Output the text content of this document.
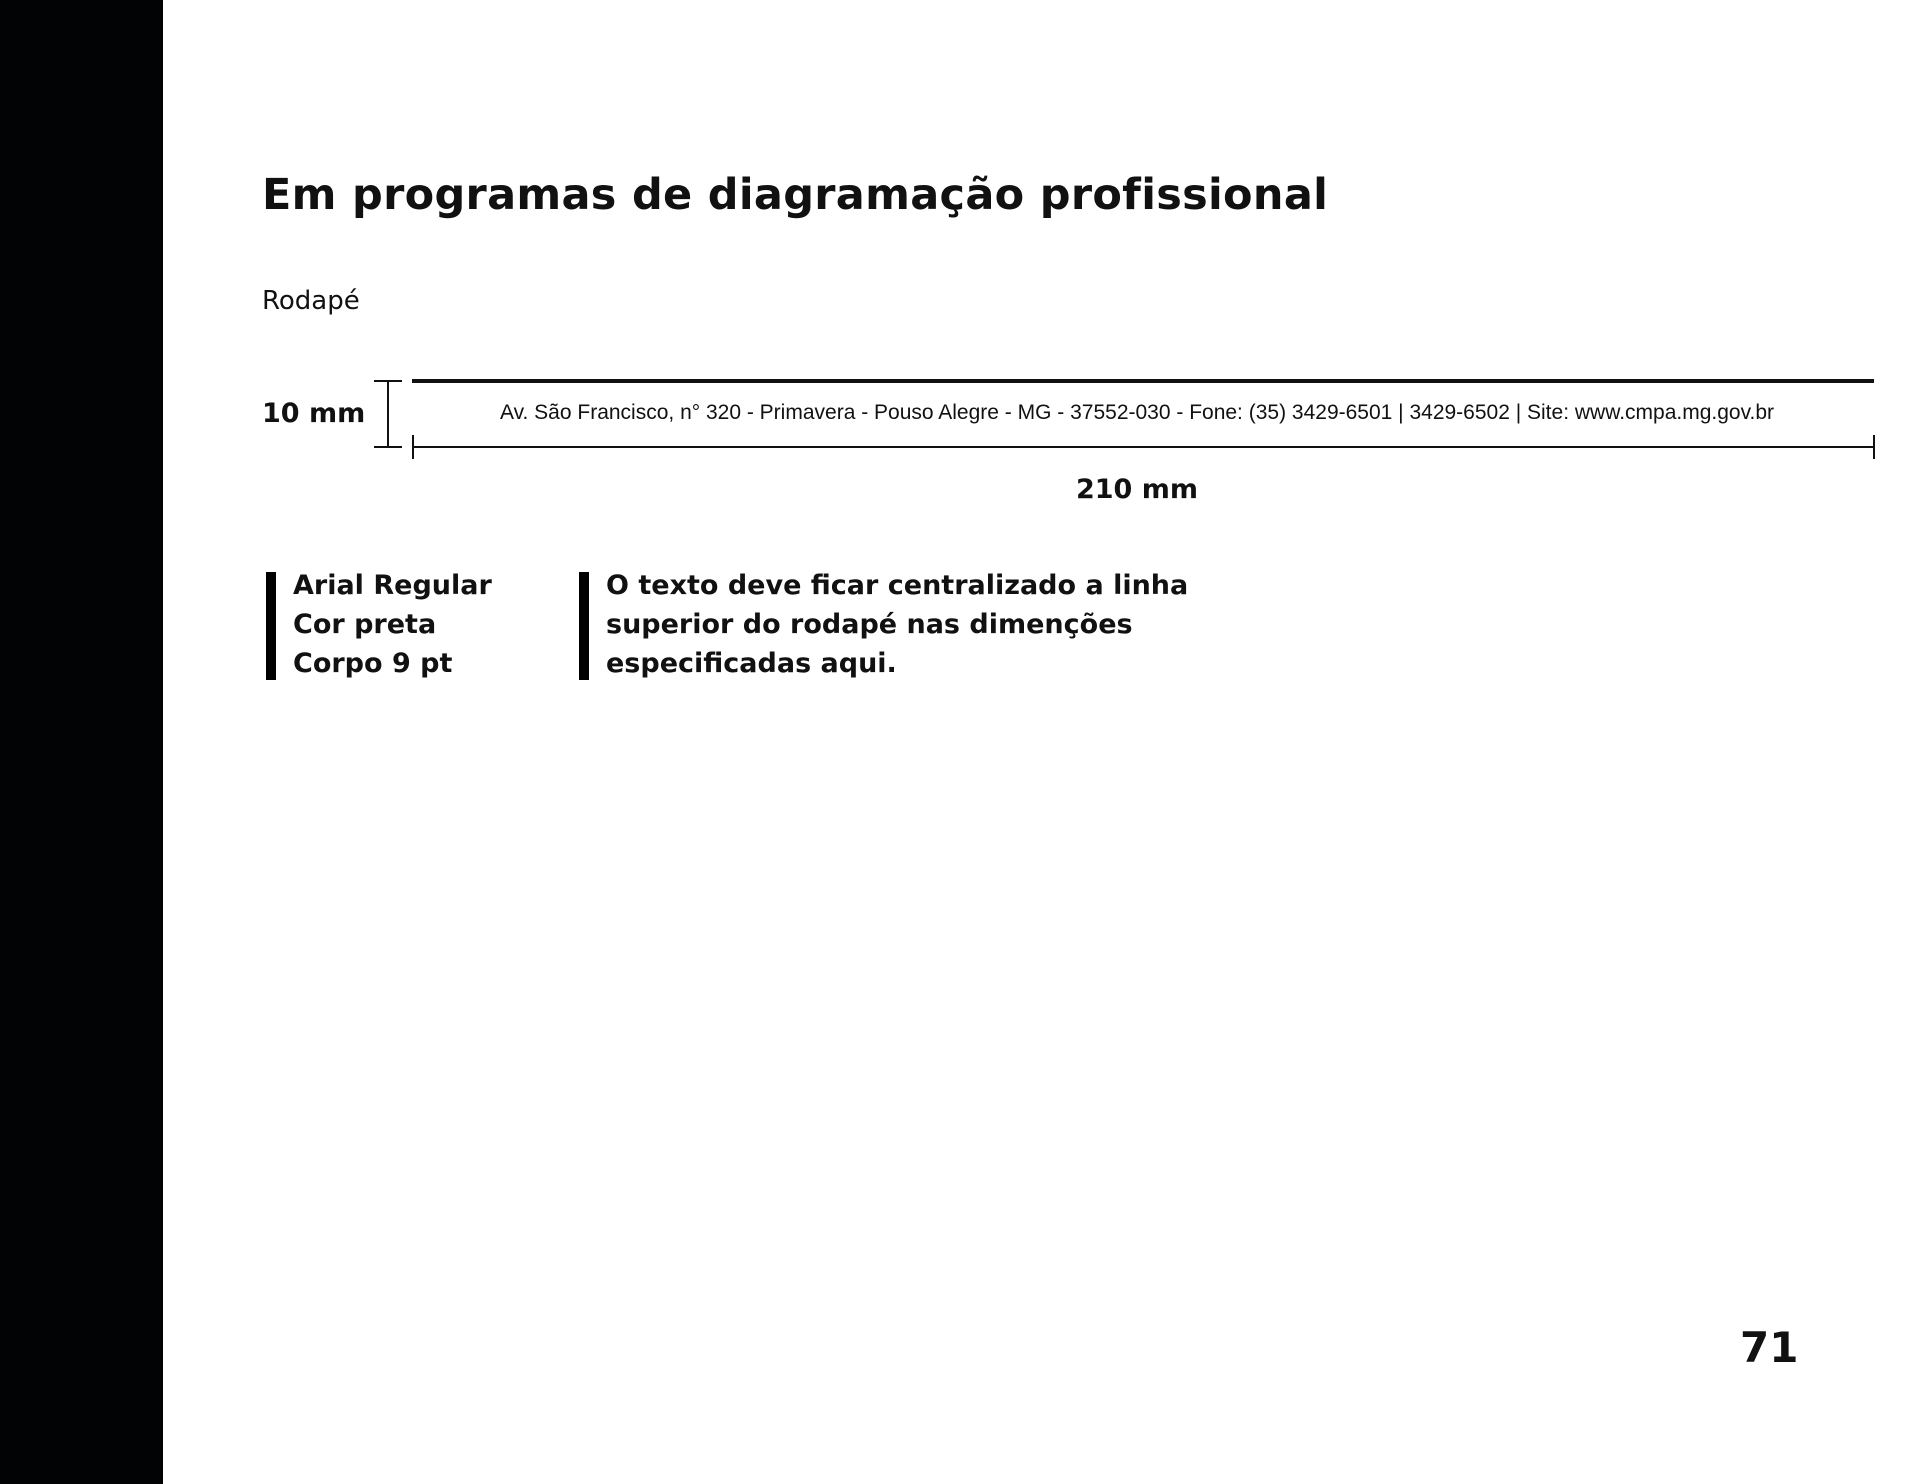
Em programas de diagramação profissional
Rodapé
10 mm	Av. São Francisco, n° 320 - Primavera - Pouso Alegre - MG - 37552-030 - Fone: (35) 3429-6501 | 3429-6502 | Site: www.cmpa.mg.gov.br
210 mm
Arial Regular
Cor preta
Corpo 9 pt
O texto deve ficar centralizado a linha
superior do rodapé nas dimenções
especificadas aqui.
71
